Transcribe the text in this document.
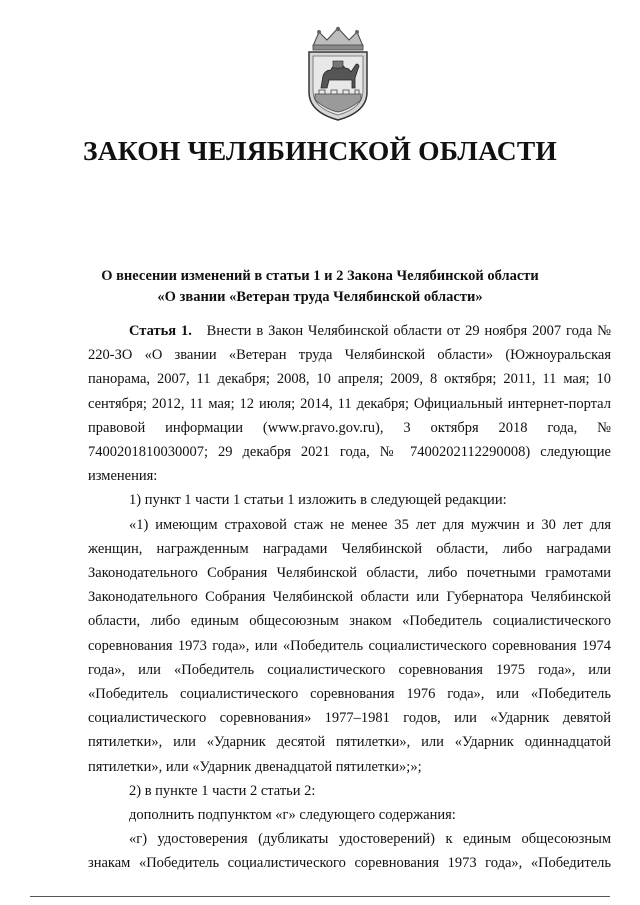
ЗАКОН ЧЕЛЯБИНСКОЙ ОБЛАСТИ
О внесении изменений в статьи 1 и 2 Закона Челябинской области
«О звании «Ветеран труда Челябинской области»

Статья 1. Внести в Закон Челябинской области от 29 ноября 2007 года № 220-ЗО «О звании «Ветеран труда Челябинской области» (Южноуральская панорама, 2007, 11 декабря; 2008, 10 апреля; 2009, 8 октября; 2011, 11 мая; 10 сентября; 2012, 11 мая; 12 июля; 2014, 11 декабря; Официальный интернет-портал правовой информации (www.pravo.gov.ru), 3 октября 2018 года, № 7400201810030007; 29 декабря 2021 года, № 7400202112290008) следующие изменения:

1) пункт 1 части 1 статьи 1 изложить в следующей редакции:

«1) имеющим страховой стаж не менее 35 лет для мужчин и 30 лет для женщин, награжденным наградами Челябинской области, либо наградами Законодательного Собрания Челябинской области, либо почетными грамотами Законодательного Собрания Челябинской области или Губернатора Челябинской области, либо единым общесоюзным знаком «Победитель социалистического соревнования 1973 года», или «Победитель социалистического соревнования 1974 года», или «Победитель социалистического соревнования 1975 года», или «Победитель социалистического соревнования 1976 года», или «Победитель социалистического соревнования» 1977–1981 годов, или «Ударник девятой пятилетки», или «Ударник десятой пятилетки», или «Ударник одиннадцатой пятилетки», или «Ударник двенадцатой пятилетки»;»;

2) в пункте 1 части 2 статьи 2:

дополнить подпунктом «г» следующего содержания:

«г) удостоверения (дубликаты удостоверений) к единым общесоюзным знакам «Победитель социалистического соревнования 1973 года», «Победитель
